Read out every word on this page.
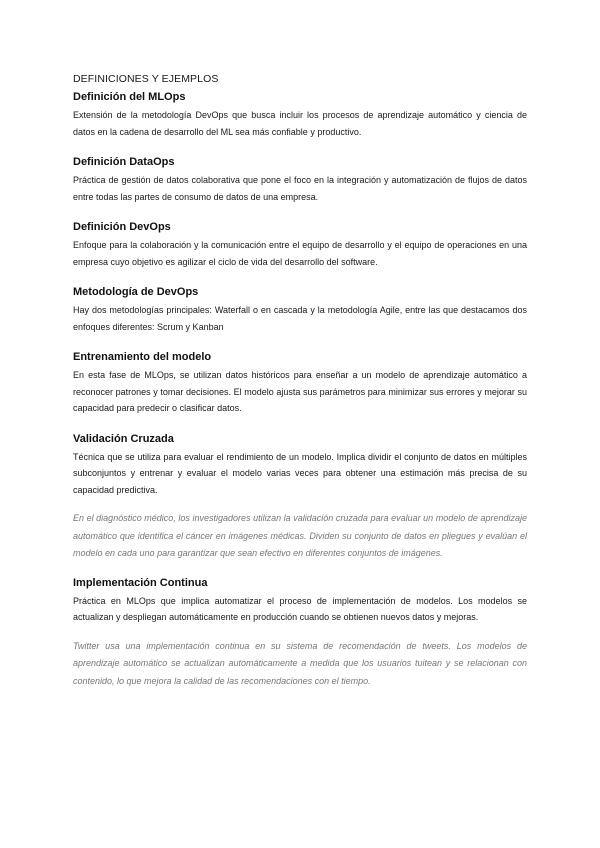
DEFINICIONES Y EJEMPLOS
Definición del MLOps

Extensión de la metodología DevOps que busca incluir los procesos de aprendizaje automático y ciencia de datos en la cadena de desarrollo del ML sea más confiable y productivo.

Definición DataOps

Práctica de gestión de datos colaborativa que pone el foco en la integración y automatización de flujos de datos entre todas las partes de consumo de datos de una empresa.

Definición DevOps

Enfoque para la colaboración y la comunicación entre el equipo de desarrollo y el equipo de operaciones en una empresa cuyo objetivo es agilizar el ciclo de vida del desarrollo del software.

Metodología de DevOps

Hay dos metodologías principales: Waterfall o en cascada y la metodología Agile, entre las que destacamos dos enfoques diferentes: Scrum y Kanban

Entrenamiento del modelo

En esta fase de MLOps, se utilizan datos históricos para enseñar a un modelo de aprendizaje automático a reconocer patrones y tomar decisiones. El modelo ajusta sus parámetros para minimizar sus errores y mejorar su capacidad para predecir o clasificar datos.

Validación Cruzada

Técnica que se utiliza para evaluar el rendimiento de un modelo. Implica dividir el conjunto de datos en múltiples subconjuntos y entrenar y evaluar el modelo varias veces para obtener una estimación más precisa de su capacidad predictiva.

En el diagnóstico médico, los investigadores utilizan la validación cruzada para evaluar un modelo de aprendizaje automático que identifica el cáncer en imágenes médicas. Dividen su conjunto de datos en pliegues y evalúan el modelo en cada uno para garantizar que sean efectivo en diferentes conjuntos de imágenes.

Implementación Continua

Práctica en MLOps que implica automatizar el proceso de implementación de modelos. Los modelos se actualizan y despliegan automáticamente en producción cuando se obtienen nuevos datos y mejoras.

Twitter usa una implementación continua en su sistema de recomendación de tweets. Los modelos de aprendizaje automático se actualizan automáticamente a medida que los usuarios tuitean y se relacionan con contenido, lo que mejora la calidad de las recomendaciones con el tiempo.
